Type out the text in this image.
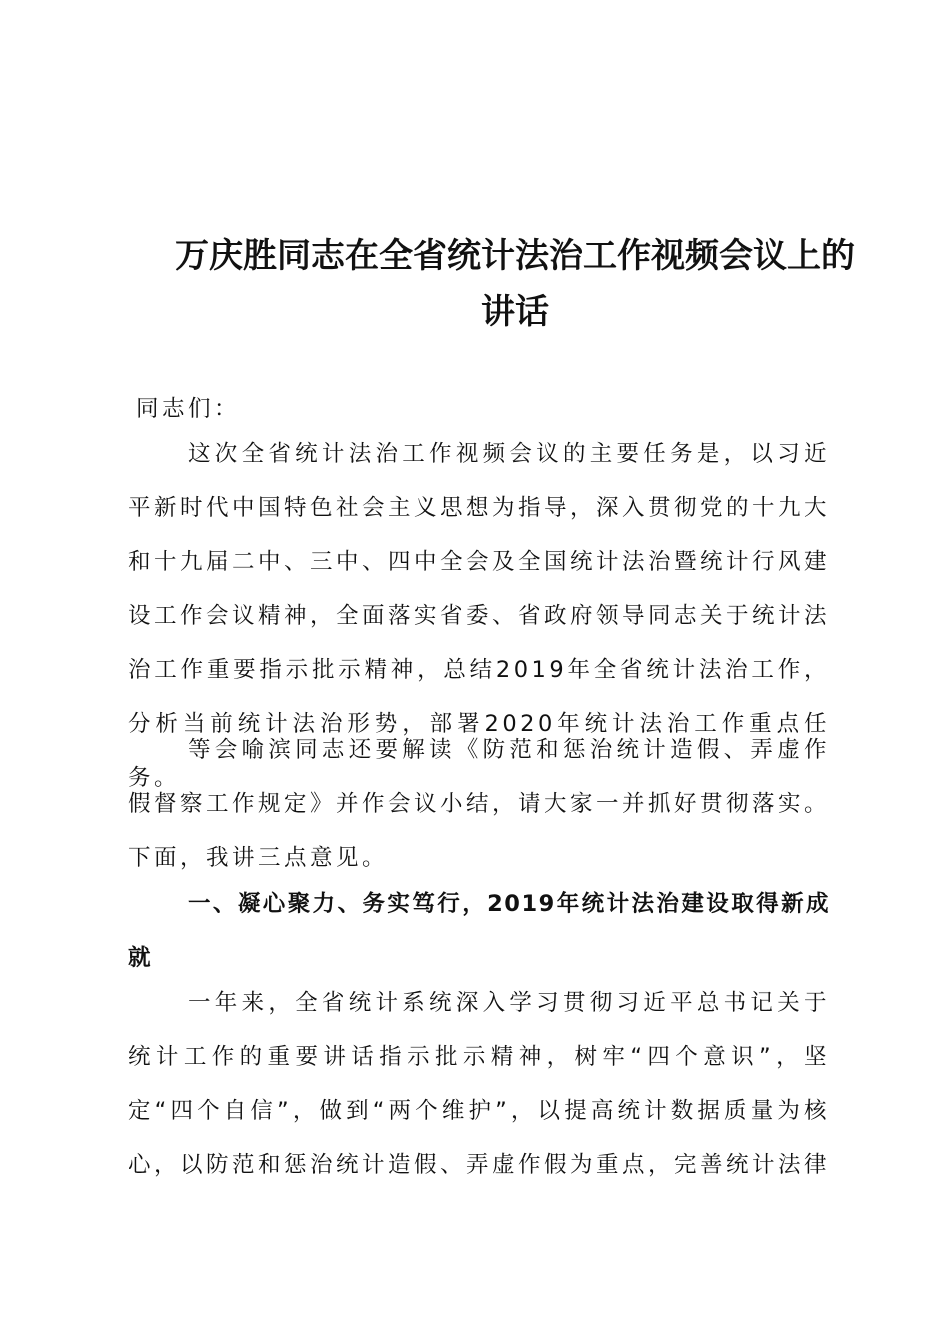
万庆胜同志在全省统计法治工作视频会议上的讲话

同志们：

这次全省统计法治工作视频会议的主要任务是，以习近平新时代中国特色社会主义思想为指导，深入贯彻党的十九大和十九届二中、三中、四中全会及全国统计法治暨统计行风建设工作会议精神，全面落实省委、省政府领导同志关于统计法治工作重要指示批示精神，总结2019年全省统计法治工作，分析当前统计法治形势，部署2020年统计法治工作重点任务。

等会喻滨同志还要解读《防范和惩治统计造假、弄虚作假督察工作规定》并作会议小结，请大家一并抓好贯彻落实。下面，我讲三点意见。

一、凝心聚力、务实笃行，2019年统计法治建设取得新成就

一年来，全省统计系统深入学习贯彻习近平总书记关于统计工作的重要讲话指示批示精神，树牢“四个意识”，坚定“四个自信”，做到“两个维护”，以提高统计数据质量为核心，以防范和惩治统计造假、弄虚作假为重点，完善统计法律
